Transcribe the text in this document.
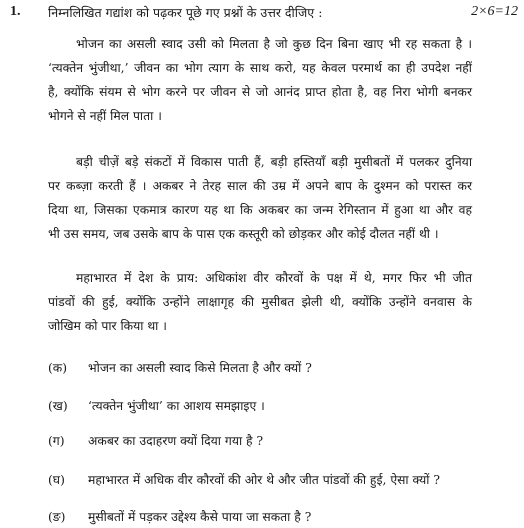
1. निम्नलिखित गद्यांश को पढ़कर पूछे गए प्रश्नों के उत्तर दीजिए :	2×6=12
भोजन का असली स्वाद उसी को मिलता है जो कुछ दिन बिना खाए भी रह सकता है ।
‘त्यक्तेन भुंजीथा,’ जीवन का भोग त्याग के साथ करो, यह केवल परमार्थ का ही उपदेश नहीं
है, क्योंकि संयम से भोग करने पर जीवन से जो आनंद प्राप्त होता है, वह निरा भोगी बनकर
भोगने से नहीं मिल पाता ।
बड़ी चीज़ें बड़े संकटों में विकास पाती हैं, बड़ी हस्तियाँ बड़ी मुसीबतों में पलकर दुनिया
पर कब्ज़ा करती हैं । अकबर ने तेरह साल की उम्र में अपने बाप के दुश्मन को परास्त कर
दिया था, जिसका एकमात्र कारण यह था कि अकबर का जन्म रेगिस्तान में हुआ था और वह
भी उस समय, जब उसके बाप के पास एक कस्तूरी को छोड़कर और कोई दौलत नहीं थी ।
महाभारत में देश के प्राय: अधिकांश वीर कौरवों के पक्ष में थे, मगर फिर भी जीत
पांडवों की हुई, क्योंकि उन्होंने लाक्षागृह की मुसीबत झेली थी, क्योंकि उन्होंने वनवास के
जोखिम को पार किया था ।
(क) भोजन का असली स्वाद किसे मिलता है और क्यों ?
(ख) ‘त्यक्तेन भुंजीथा’ का आशय समझाइए ।
(ग) अकबर का उदाहरण क्यों दिया गया है ?
(घ) महाभारत में अधिक वीर कौरवों की ओर थे और जीत पांडवों की हुई, ऐसा क्यों ?
(ङ) मुसीबतों में पड़कर उद्देश्य कैसे पाया जा सकता है ?
